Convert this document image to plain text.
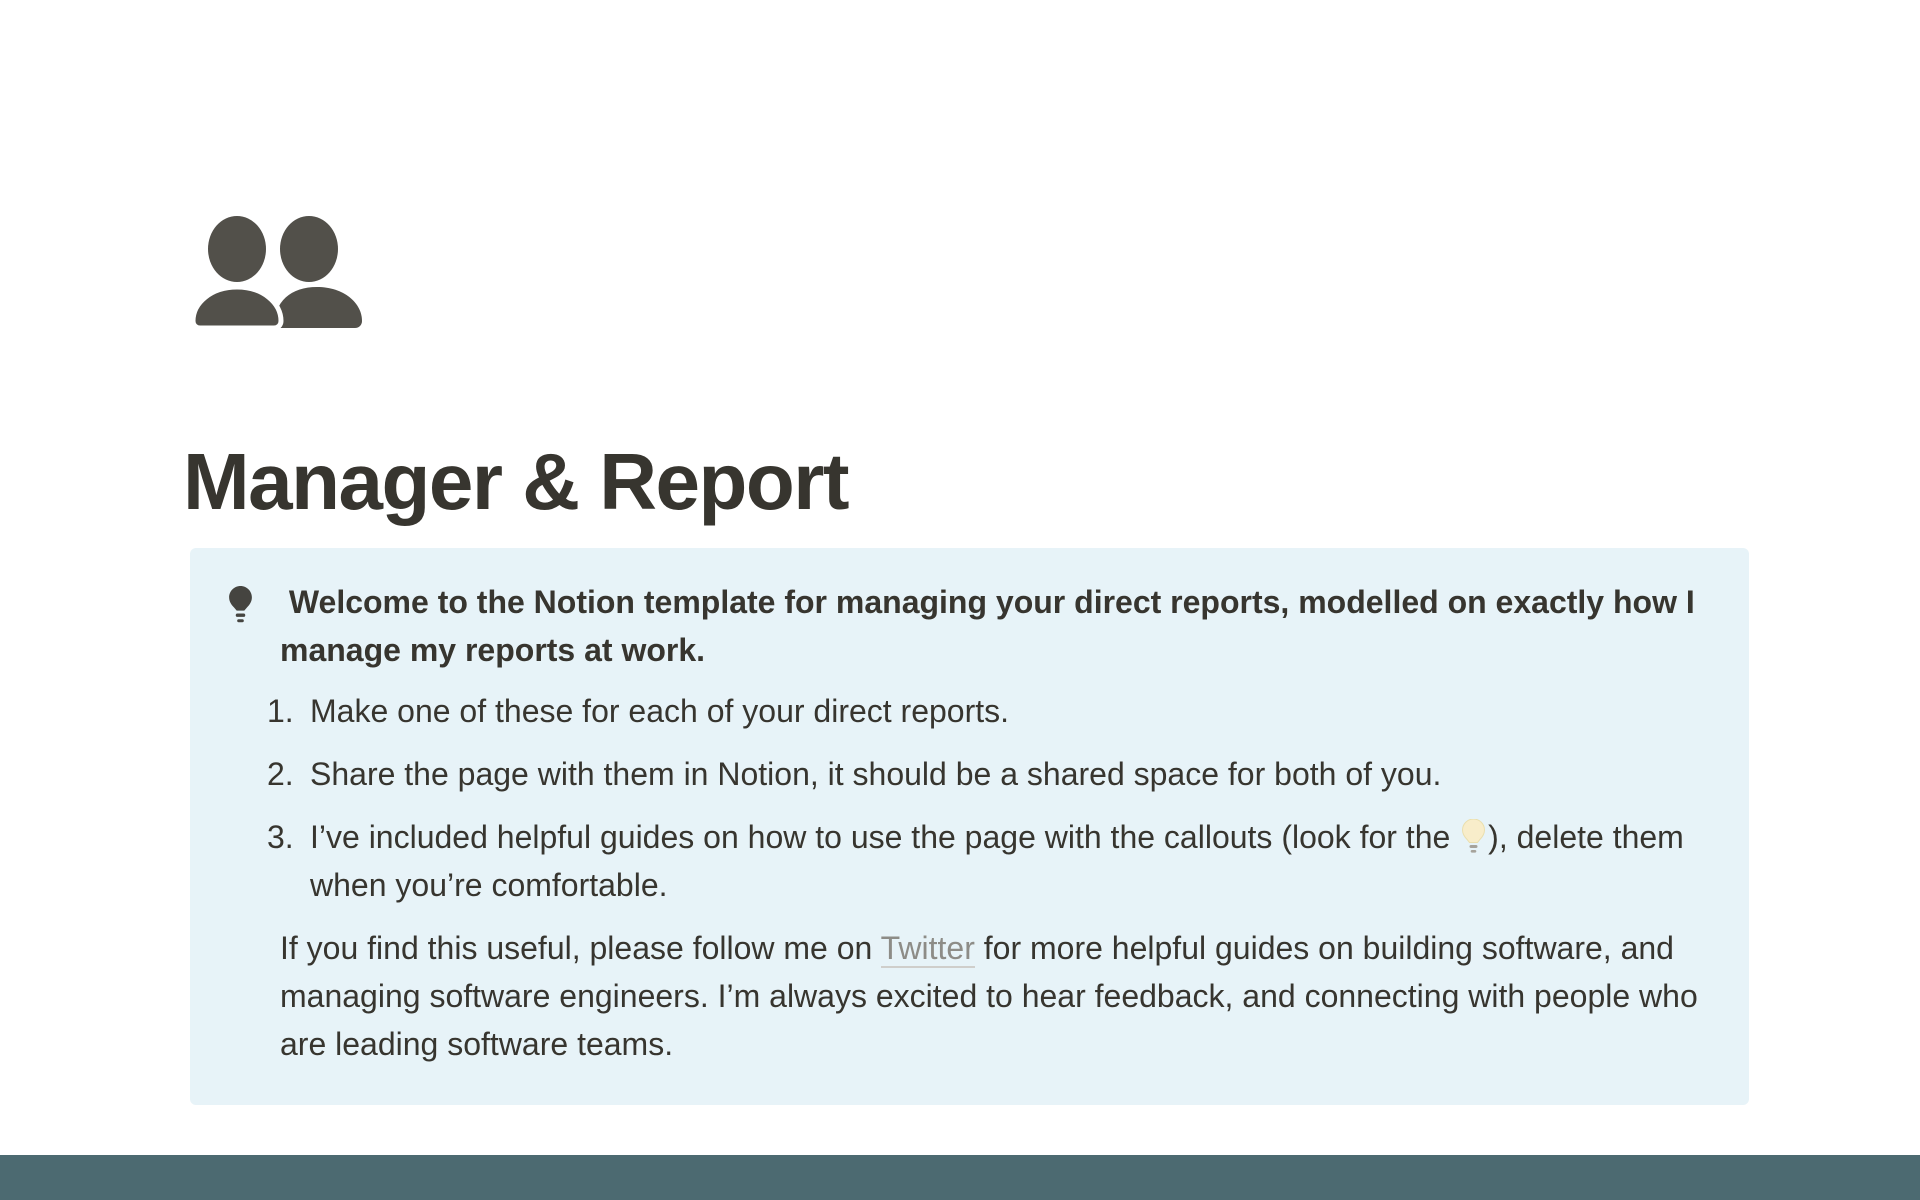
Manager & Report
Welcome to the Notion template for managing your direct reports, modelled on exactly how I manage my reports at work.
1. Make one of these for each of your direct reports.
2. Share the page with them in Notion, it should be a shared space for both of you.
3. I’ve included helpful guides on how to use the page with the callouts (look for the ), delete them when you’re comfortable.

If you find this useful, please follow me on Twitter for more helpful guides on building software, and managing software engineers. I’m always excited to hear feedback, and connecting with people who are leading software teams.
